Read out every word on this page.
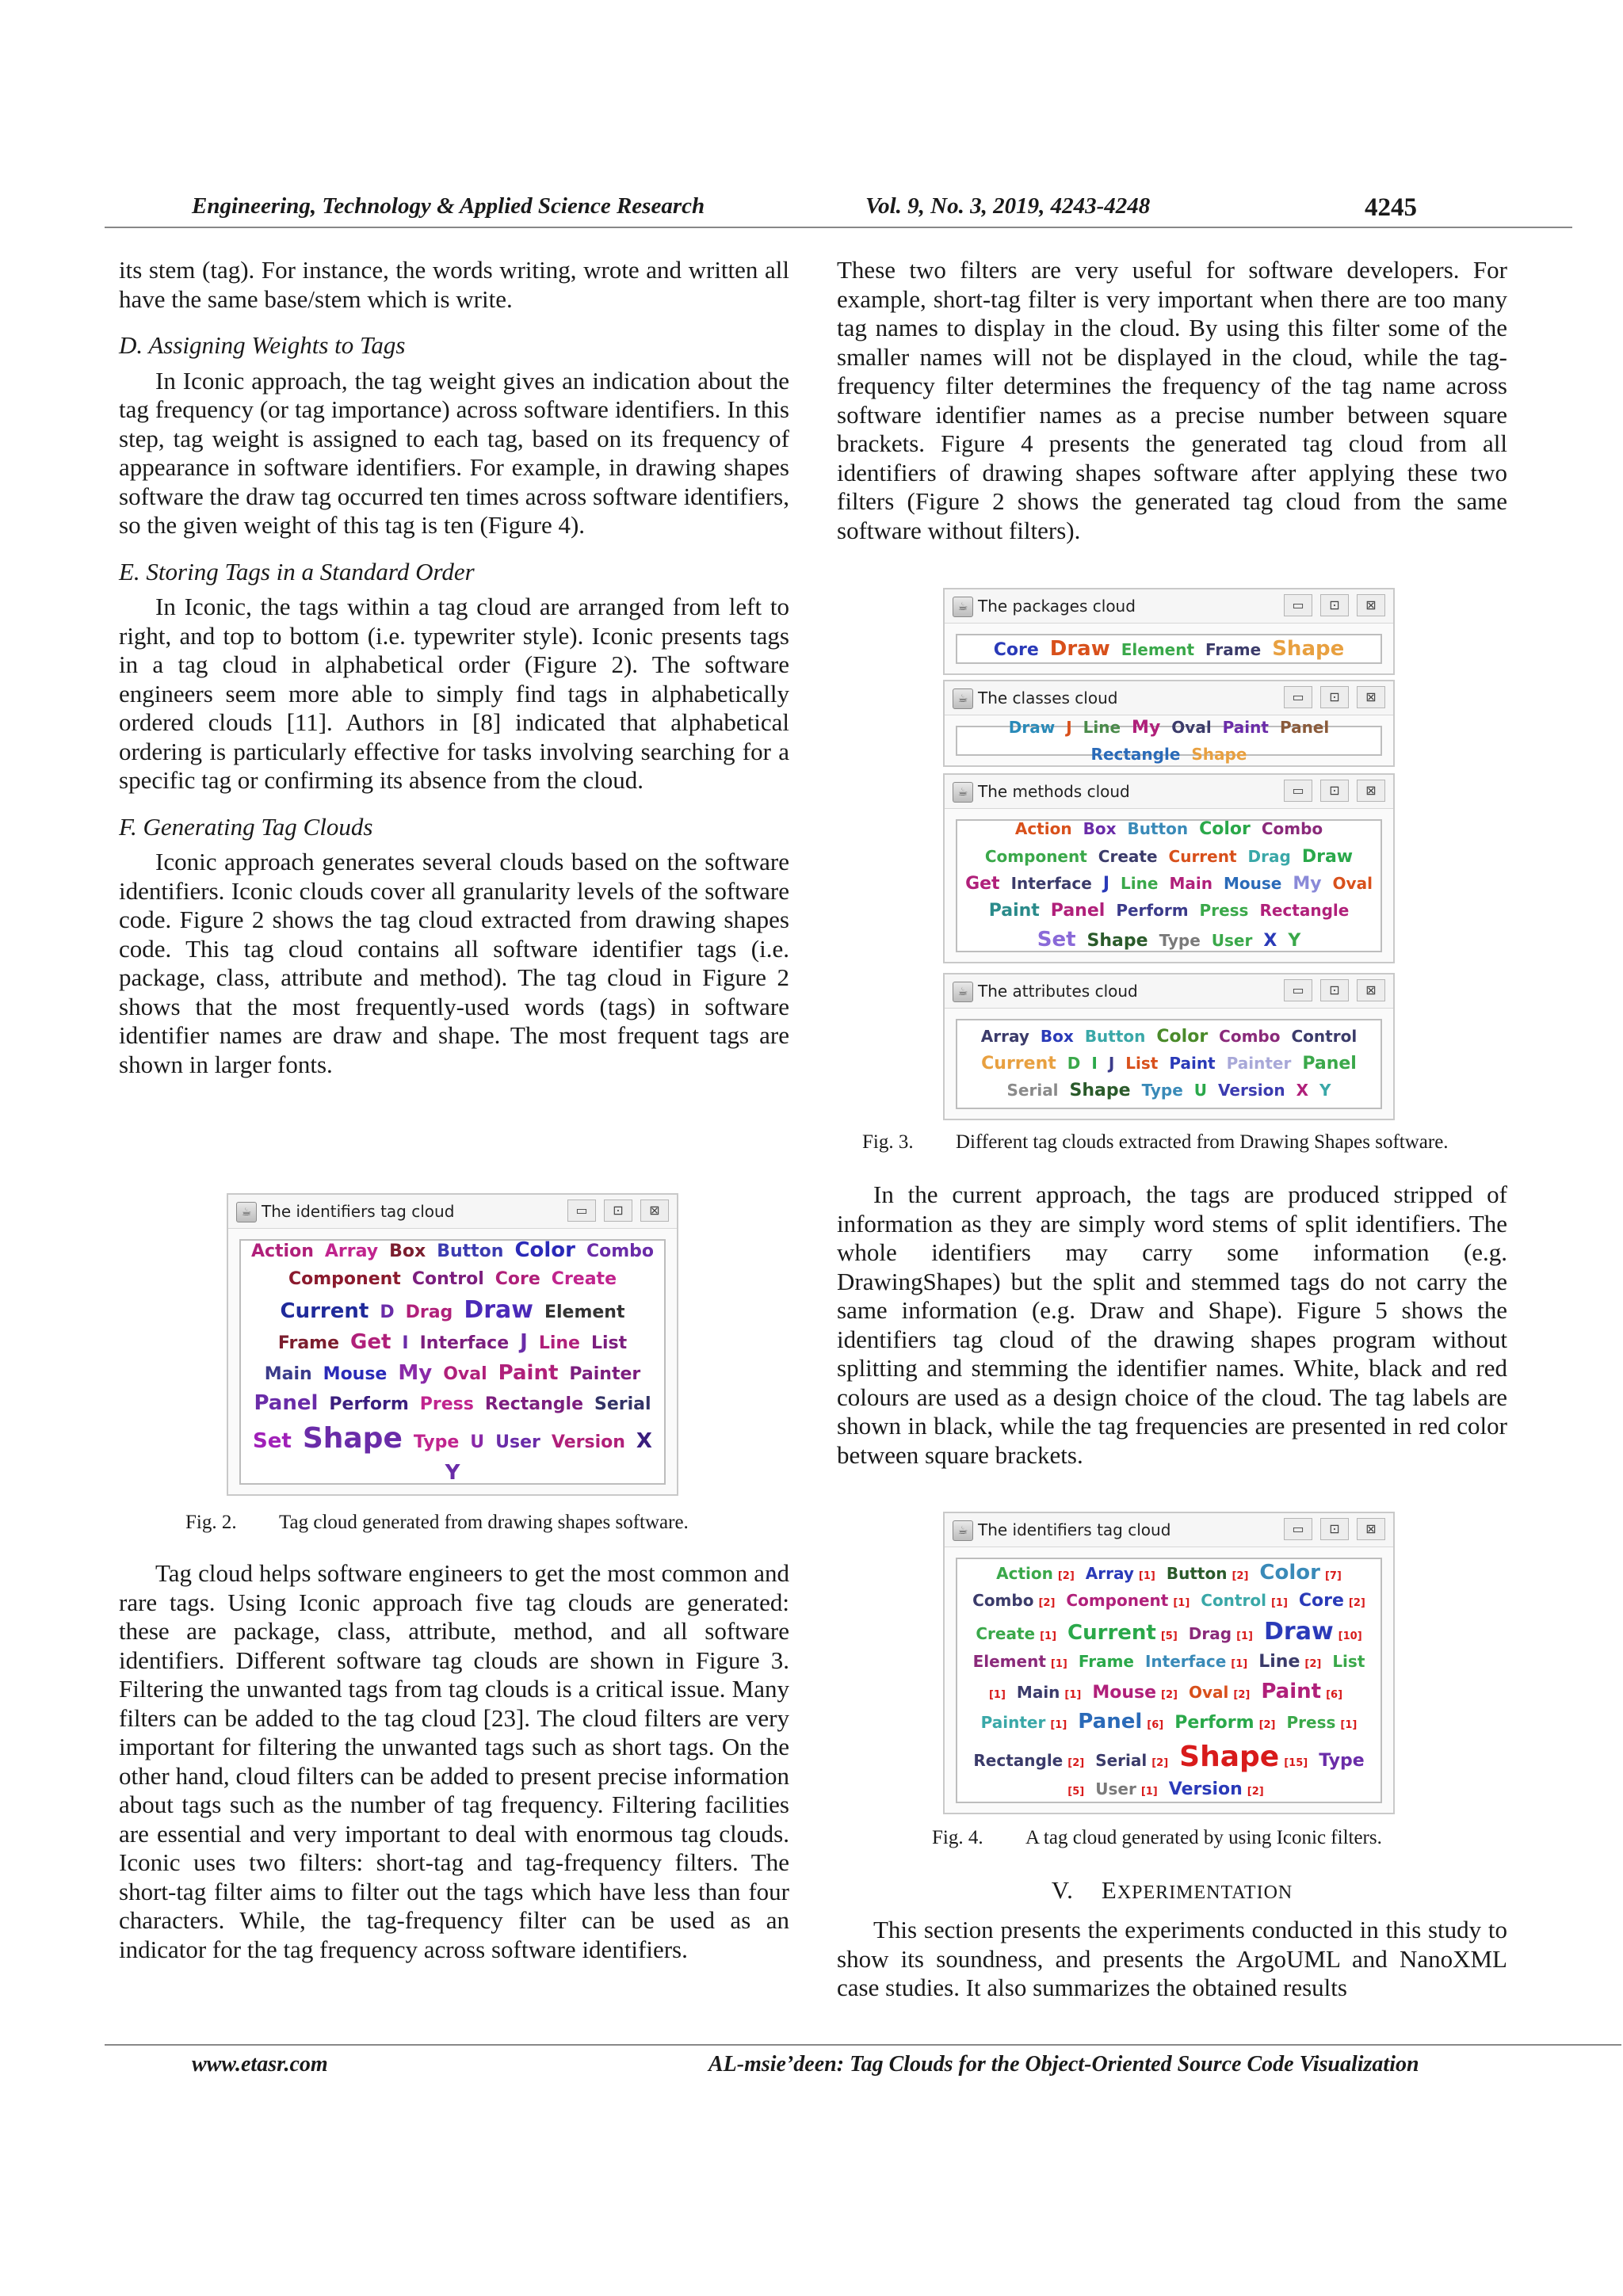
Engineering, Technology & Applied Science Research	Vol. 9, No. 3, 2019, 4243-4248	4245

its stem (tag). For instance, the words writing, wrote and written all have the same base/stem which is write.

D. Assigning Weights to Tags

In Iconic approach, the tag weight gives an indication about the tag frequency (or tag importance) across software identifiers. In this step, tag weight is assigned to each tag, based on its frequency of appearance in software identifiers. For example, in drawing shapes software the draw tag occurred ten times across software identifiers, so the given weight of this tag is ten (Figure 4).

E. Storing Tags in a Standard Order

In Iconic, the tags within a tag cloud are arranged from left to right, and top to bottom (i.e. typewriter style). Iconic presents tags in a tag cloud in alphabetical order (Figure 2). The software engineers seem more able to simply find tags in alphabetically ordered clouds [11]. Authors in [8] indicated that alphabetical ordering is particularly effective for tasks involving searching for a specific tag or confirming its absence from the cloud.

F. Generating Tag Clouds

Iconic approach generates several clouds based on the software identifiers. Iconic clouds cover all granularity levels of the software code. Figure 2 shows the tag cloud extracted from drawing shapes code. This tag cloud contains all software identifier tags (i.e. package, class, attribute and method). The tag cloud in Figure 2 shows that the most frequently-used words (tags) in software identifier names are draw and shape. The most frequent tags are shown in larger fonts.

☕ The identifiers tag cloud	▭	⊡	⊠
Action Array Box Button Color Combo
Component Control Core Create
Current D Drag Draw Element
Frame Get I Interface J Line List
Main Mouse My Oval Paint Painter
Panel Perform Press Rectangle Serial
Set Shape Type U User Version X
Y
Fig. 2. Tag cloud generated from drawing shapes software.

Tag cloud helps software engineers to get the most common and rare tags. Using Iconic approach five tag clouds are generated: these are package, class, attribute, method, and all software identifiers. Different software tag clouds are shown in Figure 3. Filtering the unwanted tags from tag clouds is a critical issue. Many filters can be added to the tag cloud [23]. The cloud filters are very important for filtering the unwanted tags such as short tags. On the other hand, cloud filters can be added to present precise information about tags such as the number of tag frequency. Filtering facilities are essential and very important to deal with enormous tag clouds. Iconic uses two filters: short-tag and tag-frequency filters. The short-tag filter aims to filter out the tags which have less than four characters. While, the tag-frequency filter can be used as an indicator for the tag frequency across software identifiers.

These two filters are very useful for software developers. For example, short-tag filter is very important when there are too many tag names to display in the cloud. By using this filter some of the smaller names will not be displayed in the cloud, while the tag-frequency filter determines the frequency of the tag name across software identifier names as a precise number between square brackets. Figure 4 presents the generated tag cloud from all identifiers of drawing shapes software after applying these two filters (Figure 2 shows the generated tag cloud from the same software without filters).

☕ The packages cloud	▭	⊡	⊠
Core Draw Element Frame Shape
☕ The classes cloud	▭	⊡	⊠
Draw J Line My Oval Paint Panel
Rectangle Shape
☕ The methods cloud	▭	⊡	⊠
Action Box Button Color Combo
Component Create Current Drag Draw
Get Interface J Line Main Mouse My Oval
Paint Panel Perform Press Rectangle
Set Shape Type User X Y
☕ The attributes cloud	▭	⊡	⊠
Array Box Button Color Combo Control
Current D I J List Paint Painter Panel
Serial Shape Type U Version X Y
Fig. 3. Different tag clouds extracted from Drawing Shapes software.

In the current approach, the tags are produced stripped of information as they are simply word stems of split identifiers. The whole identifiers may carry some information (e.g. DrawingShapes) but the split and stemmed tags do not carry the same information (e.g. Draw and Shape). Figure 5 shows the identifiers tag cloud of the drawing shapes program without splitting and stemming the identifier names. White, black and red colours are used as a design choice of the cloud. The tag labels are shown in black, while the tag frequencies are presented in red color between square brackets.

☕ The identifiers tag cloud	▭	⊡	⊠
Action [2] Array [1] Button [2] Color [7]
Combo [2] Component [1] Control [1] Core [2]
Create [1] Current [5] Drag [1] Draw [10]
Element [1] Frame Interface [1] Line [2] List
[1] Main [1] Mouse [2] Oval [2] Paint [6]
Painter [1] Panel [6] Perform [2] Press [1]
Rectangle [2] Serial [2] Shape [15] Type
[5] User [1] Version [2]
Fig. 4. A tag cloud generated by using Iconic filters.
V. EXPERIMENTATION

This section presents the experiments conducted in this study to show its soundness, and presents the ArgoUML and NanoXML case studies. It also summarizes the obtained results

www.etasr.com	AL-msie’deen: Tag Clouds for the Object-Oriented Source Code Visualization
